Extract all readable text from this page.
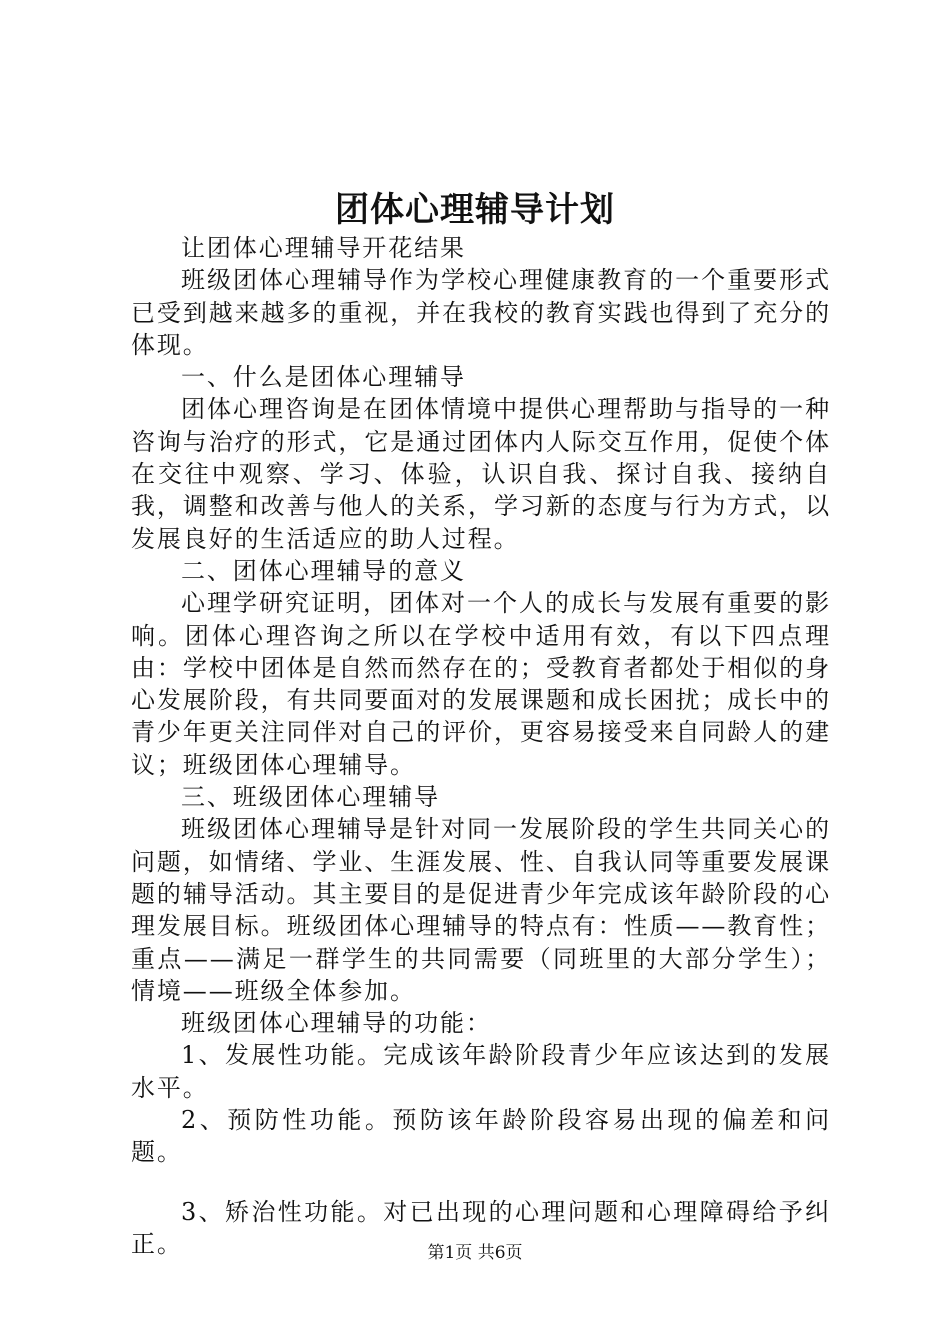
团体心理辅导计划

让团体心理辅导开花结果

班级团体心理辅导作为学校心理健康教育的一个重要形式已受到越来越多的重视，并在我校的教育实践也得到了充分的体现。

一、什么是团体心理辅导

团体心理咨询是在团体情境中提供心理帮助与指导的一种咨询与治疗的形式，它是通过团体内人际交互作用，促使个体在交往中观察、学习、体验，认识自我、探讨自我、接纳自我，调整和改善与他人的关系，学习新的态度与行为方式，以发展良好的生活适应的助人过程。

二、团体心理辅导的意义

心理学研究证明，团体对一个人的成长与发展有重要的影响。团体心理咨询之所以在学校中适用有效，有以下四点理由：学校中团体是自然而然存在的；受教育者都处于相似的身心发展阶段，有共同要面对的发展课题和成长困扰；成长中的青少年更关注同伴对自己的评价，更容易接受来自同龄人的建议；班级团体心理辅导。

三、班级团体心理辅导

班级团体心理辅导是针对同一发展阶段的学生共同关心的问题，如情绪、学业、生涯发展、性、自我认同等重要发展课题的辅导活动。其主要目的是促进青少年完成该年龄阶段的心理发展目标。班级团体心理辅导的特点有：性质——教育性；重点——满足一群学生的共同需要（同班里的大部分学生）；情境——班级全体参加。

班级团体心理辅导的功能：

1、发展性功能。完成该年龄阶段青少年应该达到的发展水平。

2、预防性功能。预防该年龄阶段容易出现的偏差和问题。

3、矫治性功能。对已出现的心理问题和心理障碍给予纠正。	第1页 共6页
